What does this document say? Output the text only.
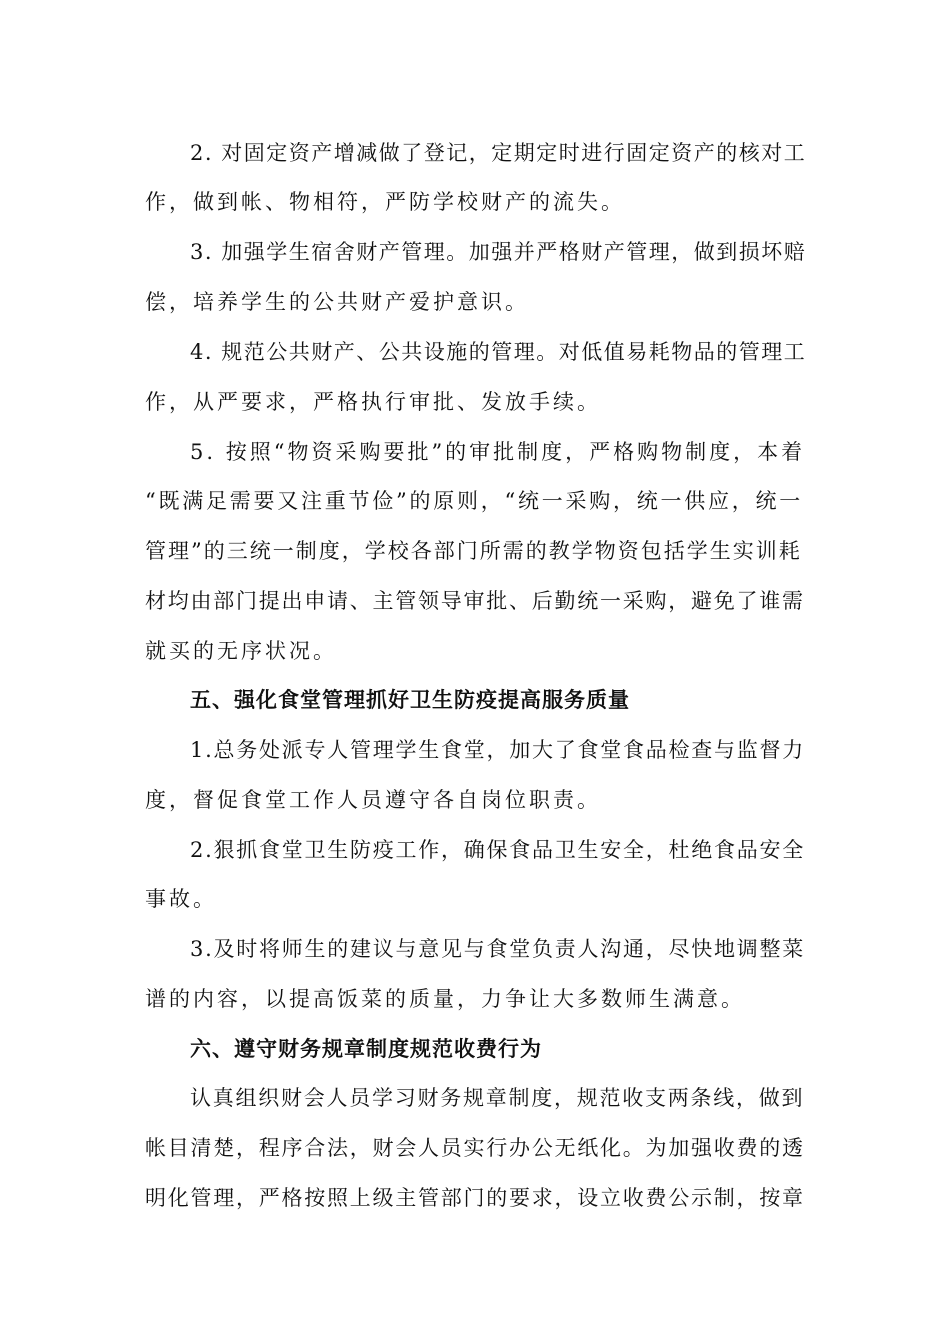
2. 对固定资产增减做了登记，定期定时进行固定资产的核对工
作，做到帐、物相符，严防学校财产的流失。
3. 加强学生宿舍财产管理。加强并严格财产管理，做到损坏赔
偿，培养学生的公共财产爱护意识。
4. 规范公共财产、公共设施的管理。对低值易耗物品的管理工
作，从严要求，严格执行审批、发放手续。
5. 按照“物资采购要批”的审批制度，严格购物制度，本着
“既满足需要又注重节俭”的原则，“统一采购，统一供应，统一
管理”的三统一制度，学校各部门所需的教学物资包括学生实训耗
材均由部门提出申请、主管领导审批、后勤统一采购，避免了谁需
就买的无序状况。
五、强化食堂管理抓好卫生防疫提高服务质量
1.总务处派专人管理学生食堂，加大了食堂食品检查与监督力
度，督促食堂工作人员遵守各自岗位职责。
2.狠抓食堂卫生防疫工作，确保食品卫生安全，杜绝食品安全
事故。
3.及时将师生的建议与意见与食堂负责人沟通，尽快地调整菜
谱的内容，以提高饭菜的质量，力争让大多数师生满意。
六、遵守财务规章制度规范收费行为
认真组织财会人员学习财务规章制度，规范收支两条线，做到
帐目清楚，程序合法，财会人员实行办公无纸化。为加强收费的透
明化管理，严格按照上级主管部门的要求，设立收费公示制，按章
